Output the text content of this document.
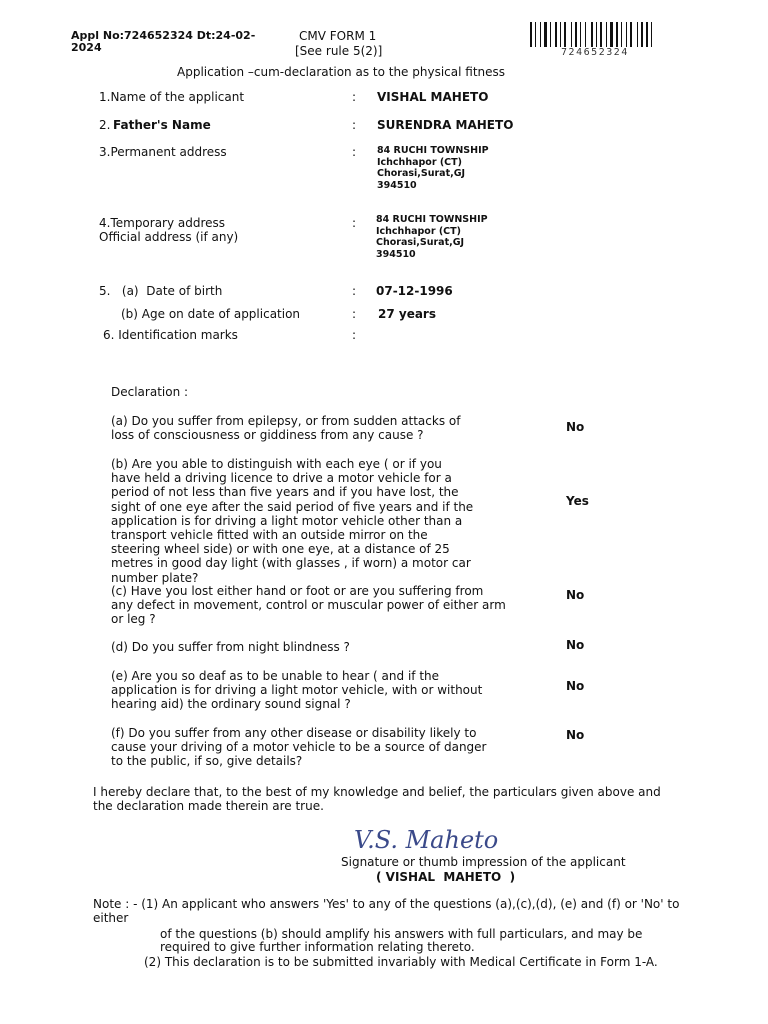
Appl No:724652324 Dt:24-02-
2024
CMV FORM 1
[See rule 5(2)]	724652324
Application –cum-declaration as to the physical fitness
1.Name of the applicant	: VISHAL MAHETO
2. Father's Name	: SURENDRA MAHETO
3.Permanent address	: 84 RUCHI TOWNSHIP
Ichchhapor (CT)
Chorasi,Surat,GJ
394510
4.Temporary address
Official address (if any)
: 84 RUCHI TOWNSHIP
Ichchhapor (CT)
Chorasi,Surat,GJ
394510
5.   (a)  Date of birth	: 07-12-1996
(b) Age on date of application	: 27 years
6. Identification marks	:
Declaration :
(a) Do you suffer from epilepsy, or from sudden attacks of loss of consciousness or giddiness from any cause ?
No
(b) Are you able to distinguish with each eye ( or if you have held a driving licence to drive a motor vehicle for a period of not less than five years and if you have lost, the sight of one eye after the said period of five years and if the application is for driving a light motor vehicle other than a transport vehicle fitted with an outside mirror on the steering wheel side) or with one eye, at a distance of 25 metres in good day light (with glasses , if worn) a motor car number plate?
Yes
(c) Have you lost either hand or foot or are you suffering from any defect in movement, control or muscular power of either arm or leg ?
No
(d) Do you suffer from night blindness ?	No
(e) Are you so deaf as to be unable to hear ( and if the application is for driving a light motor vehicle, with or without hearing aid) the ordinary sound signal ?
No
(f) Do you suffer from any other disease or disability likely to cause your driving of a motor vehicle to be a source of danger to the public, if so, give details?
No
I hereby declare that, to the best of my knowledge and belief, the particulars given above and the declaration made therein are true.
V.S. Maheto
Signature or thumb impression of the applicant
( VISHAL  MAHETO  )
Note : - (1) An applicant who answers 'Yes' to any of the questions (a),(c),(d), (e) and (f) or 'No' to
either
of the questions (b) should amplify his answers with full particulars, and may be
required to give further information relating thereto.
(2) This declaration is to be submitted invariably with Medical Certificate in Form 1-A.
